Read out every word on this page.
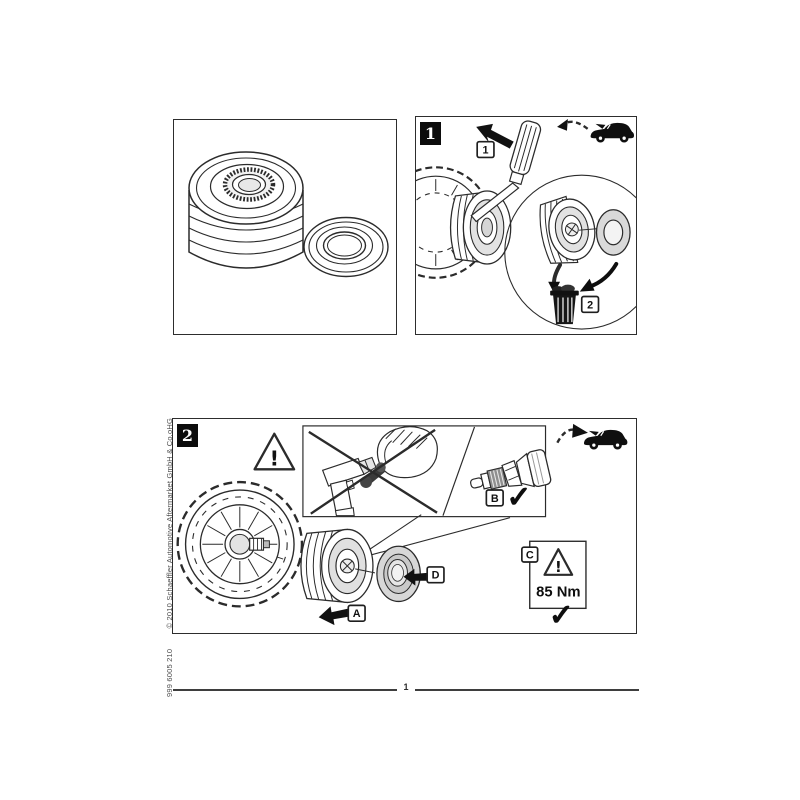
1
1
2
2
!
B ✓
A
D
C
!
85 Nm
✓
999 6005 210
© 2010 Schaeffler Automotive Aftermarket GmbH & Co.oHG
1
